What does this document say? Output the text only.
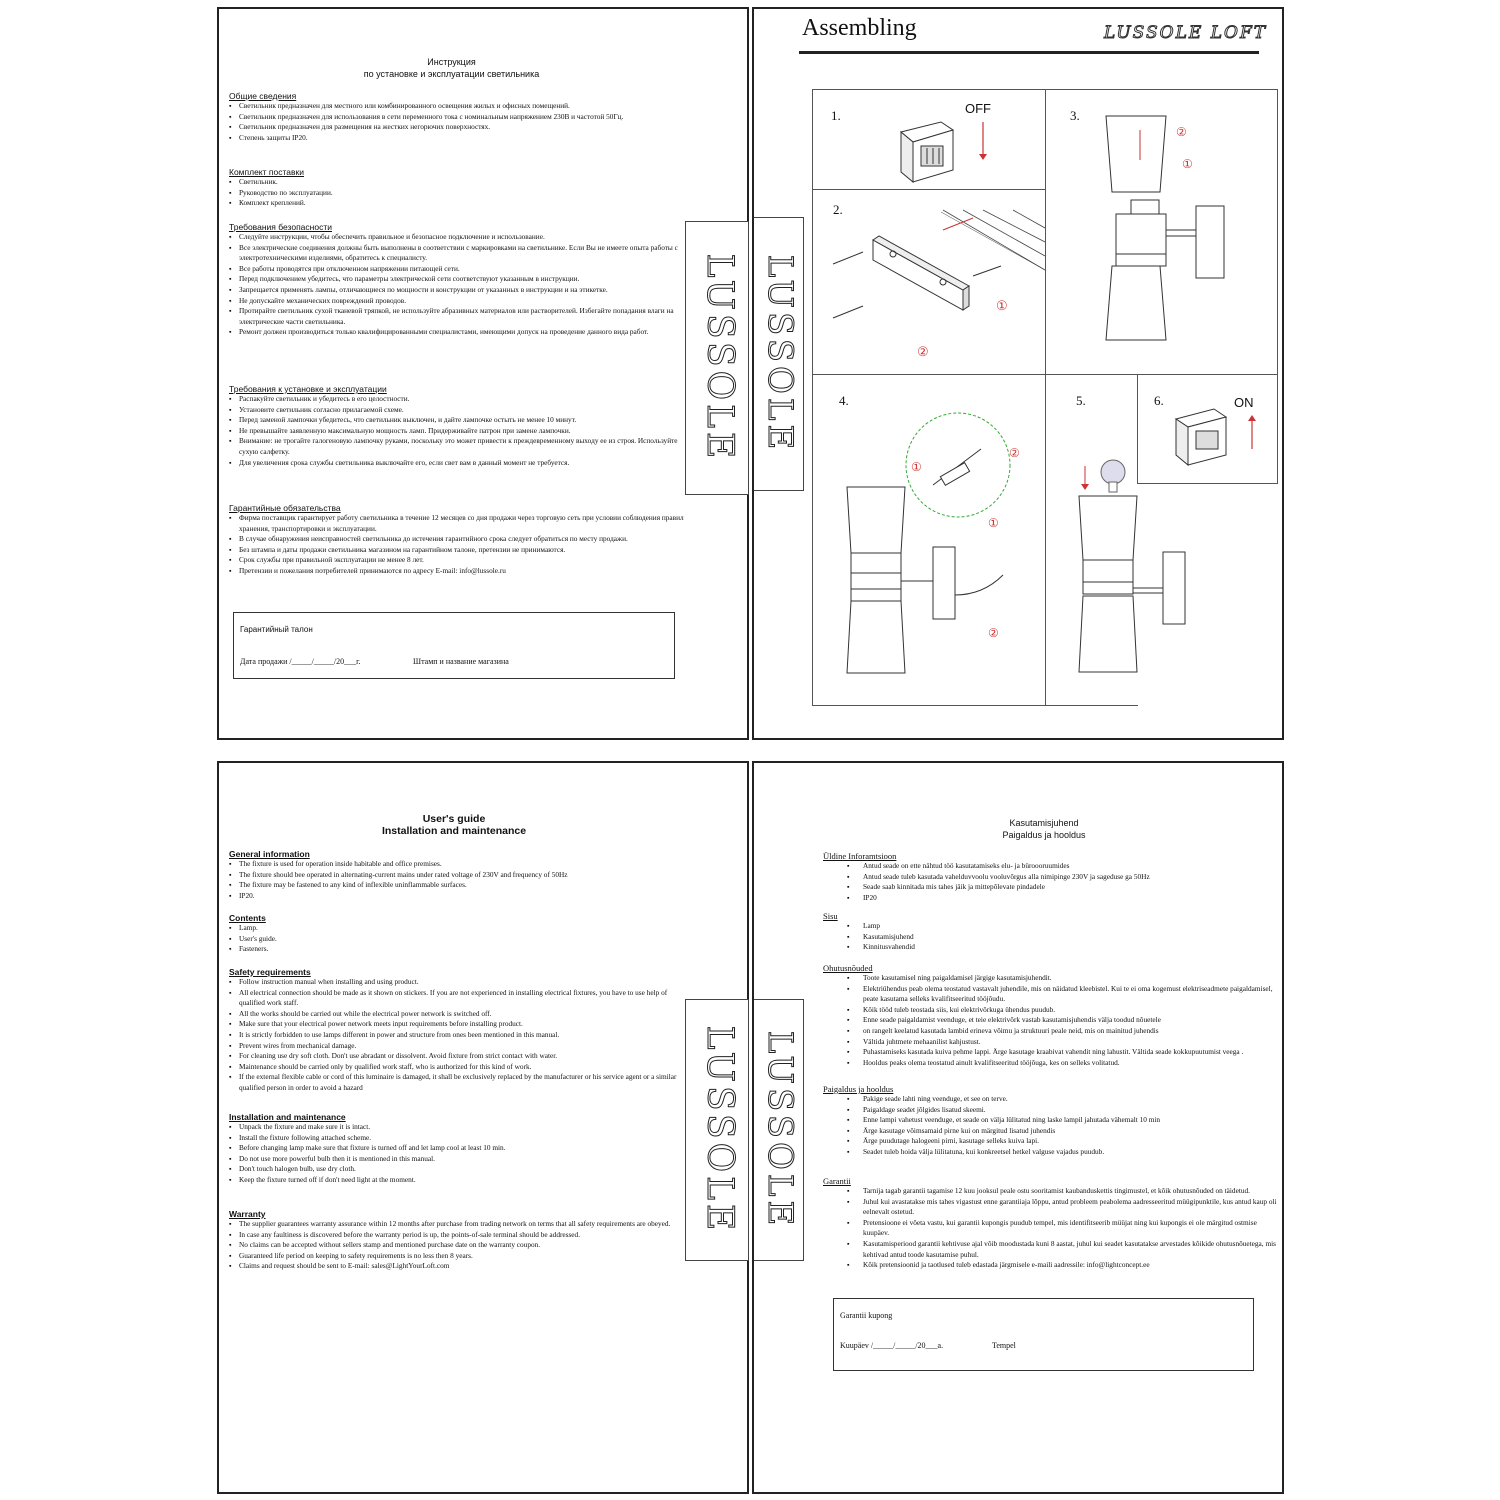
Инструкция
по установке и эксплуатации светильника
Общие сведения
▪ Светильник предназначен для местного или комбинированного освещения жилых и офисных помещений.
▪ Светильник предназначен для использования в сети переменного тока с номинальным напряжением 230В и частотой 50Гц.
▪ Светильник предназначен для размещения на жестких негорючих поверхностях.
▪ Степень защиты IP20.
Комплект поставки
▪ Светильник.
▪ Руководство по эксплуатации.
▪ Комплект креплений.
Требования безопасности
▪ Следуйте инструкции, чтобы обеспечить правильное и безопасное подключение и использование.
▪ Все электрические соединения должны быть выполнены в соответствии с маркировками на светильнике. Если Вы не имеете опыта работы с электротехническими изделиями, обратитесь к специалисту.
▪ Все работы проводятся при отключенном напряжении питающей сети.
▪ Перед подключением убедитесь, что параметры электрической сети соответствуют указанным в инструкции.
▪ Запрещается применять лампы, отличающиеся по мощности и конструкции от указанных в инструкции и на этикетке.
▪ Не допускайте механических повреждений проводов.
▪ Протирайте светильник сухой тканевой тряпкой, не используйте абразивных материалов или растворителей. Избегайте попадания влаги на электрические части светильника.
▪ Ремонт должен производиться только квалифицированными специалистами, имеющими допуск на проведение данного вида работ.
Требования к установке и эксплуатации
▪ Распакуйте светильник и убедитесь в его целостности.
▪ Установите светильник согласно прилагаемой схеме.
▪ Перед заменой лампочки убедитесь, что светильник выключен, и дайте лампочке остыть не менее 10 минут.
▪ Не превышайте заявленную максимальную мощность ламп. Придерживайте патрон при замене лампочки.
▪ Внимание: не трогайте галогеновую лампочку руками, поскольку это может привести к преждевременному выходу ее из строя. Используйте сухую салфетку.
▪ Для увеличения срока службы светильника выключайте его, если свет вам в данный момент не требуется.
Гарантийные обязательства
▪ Фирма поставщик гарантирует работу светильника в течение 12 месяцев со дня продажи через торговую сеть при условии соблюдения правил хранения, транспортировки и эксплуатации.
▪ В случае обнаружения неисправностей светильника до истечения гарантийного срока следует обратиться по месту продажи.
▪ Без штампа и даты продажи светильника магазином на гарантийном талоне, претензии не принимаются.
▪ Срок службы при правильной эксплуатации не менее 8 лет.
▪ Претензии и пожелания потребителей принимаются по адресу E-mail: info@lussole.ru
Гарантийный талон
Дата продажи /_____/_____/20___г.	Штамп и название магазина
LUSSOLE
Assembling	LUSSOLE LOFT
LUSSOLE
1.	OFF
2.
①
②
3.
②
①
4.
①
②
①
②
5.	6.	ON
User's guide
Installation and maintenance
General information
▪ The fixture is used for operation inside habitable and office premises.
▪ The fixture should bee operated in alternating-current mains under rated voltage of 230V and frequency of 50Hz
▪ The fixture may be fastened to any kind of inflexible uninflammable surfaces.
▪ IP20.
Contents
▪ Lamp.
▪ User's guide.
▪ Fasteners.
Safety requirements
▪ Follow instruction manual when installing and using product.
▪ All electrical connection should be made as it shown on stickers. If you are not experienced in installing electrical fixtures, you have to use help of qualified work staff.
▪ All the works should be carried out while the electrical power network is switched off.
▪ Make sure that your electrical power network meets input requirements before installing product.
▪ It is strictly forbidden to use lamps different in power and structure from ones been mentioned in this manual.
▪ Prevent wires from mechanical damage.
▪ For cleaning use dry soft cloth. Don't use abradant or dissolvent. Avoid fixture from strict contact with water.
▪ Maintenance should be carried only by qualified work staff, who is authorized for this kind of work.
▪ If the external flexible cable or cord of this luminaire is damaged, it shall be exclusively replaced by the manufacturer or his service agent or a similar qualified person in order to avoid a hazard
Installation and maintenance
▪ Unpack the fixture and make sure it is intact.
▪ Install the fixture following attached scheme.
▪ Before changing lamp make sure that fixture is turned off and let lamp cool at least 10 min.
▪ Do not use more powerful bulb then it is mentioned in this manual.
▪ Don't touch halogen bulb, use dry cloth.
▪ Keep the fixture turned off if don't need light at the moment.
Warranty
▪ The supplier guarantees warranty assurance within 12 months after purchase from trading network on terms that all safety requirements are obeyed.
▪ In case any faultiness is discovered before the warranty period is up, the points-of-sale terminal should be addressed.
▪ No claims can be accepted without sellers stamp and mentioned purchase date on the warranty coupon.
▪ Guaranteed life period on keeping to safety requirements is no less then 8 years.
▪ Claims and request should be sent to E-mail: sales@LightYourLoft.com
LUSSOLE LUSSOLE
Kasutamisjuhend
Paigaldus ja hooldus
Üldine Inforamtsioon
▪ Antud seade on ette nähtud töö kasutatamiseks elu- ja büroooruumides
▪ Antud seade tuleb kasutada vahelduvvoolu vooluvõrgus alla nimipinge 230V ja sageduse ga 50Hz
▪ Seade saab kinnitada mis tahes jäik ja mittepõlevate pindadele
▪ IP20
Sisu
▪ Lamp
▪ Kasutamisjuhend
▪ Kinnitusvahendid
Ohutusnõuded
▪ Toote kasutamisel ning paigaldamisel järgige kasutamisjuhendit.
▪ Elektriühendus peab olema teostatud vastavalt juhendile, mis on näidatud kleebistel. Kui te ei oma kogemust elektriseadmete paigaldamisel, peate kasutama selleks kvalifitseeritud tööjõudu.
▪ Kõik tööd tuleb teostada siis, kui elektrivõrkuga ühendus puudub.
▪ Enne seade paigaldamist veenduge, et teie elektrivõrk vastab kasutamisjuhendis välja toodud nõuetele
▪ on rangelt keelatud kasutada lambid erineva võimu ja struktuuri peale neid, mis on mainitud juhendis
▪ Vältida juhtmete mehaanilist kahjustust.
▪ Puhastamiseks kasutada kuiva pehme lappi. Ärge kasutage kraabivat vahendit ning lahustit. Vältida seade kokkupuutumist veega .
▪ Hooldus peaks olema teostatud ainult kvalifitseeritud tööjõuga, kes on selleks volitatud.
Paigaldus ja hooldus
▪ Pakige seade lahti ning veenduge, et see on terve.
▪ Paigaldage seadet jõlgides lisatud skeemi.
▪ Enne lampi vahetust veenduge, et seade on välja lülitatud ning laske lampil jahutada vähemalt 10 min
▪ Ärge kasutage võimsamaid pirne kui on märgitud lisatud juhendis
▪ Ärge puudutage halogeeni pirni, kasutage selleks kuiva lapi.
▪ Seadet tuleb hoida välja lülitatuna, kui konkreetsel hetkel valguse vajadus puudub.
Garantii
▪ Tarnija tagab garantii tagamise 12 kuu jooksul peale ostu sooritamist kaubanduskettis tingimustel, et kõik ohutusnõuded on täidetud.
▪ Juhul kui avastatakse mis tahes vigastust enne garantiiaja lõppu, antud probleem peabolema aadresseeritud müügipunktile, kus antud kaup oli eelnevalt ostetud.
▪ Pretensioone ei võeta vastu, kui garantii kupongis puudub tempel, mis identifitseerib müüjat ning kui kupongis ei ole märgitud ostmise kuupäev.
▪ Kasutamisperiood garantii kehtivuse ajal võib moodustada kuni 8 aastat, juhul kui seadet kasutatakse arvestades kõikide ohutusnõuetega, mis kehtivad antud toode kasutamise puhul.
▪ Kõik pretensioonid ja taotlused tuleb edastada järgmisele e-maili aadressile: info@lightconcept.ee
Garantii kupong
Kuupäev /_____/_____/20___a.	Tempel
